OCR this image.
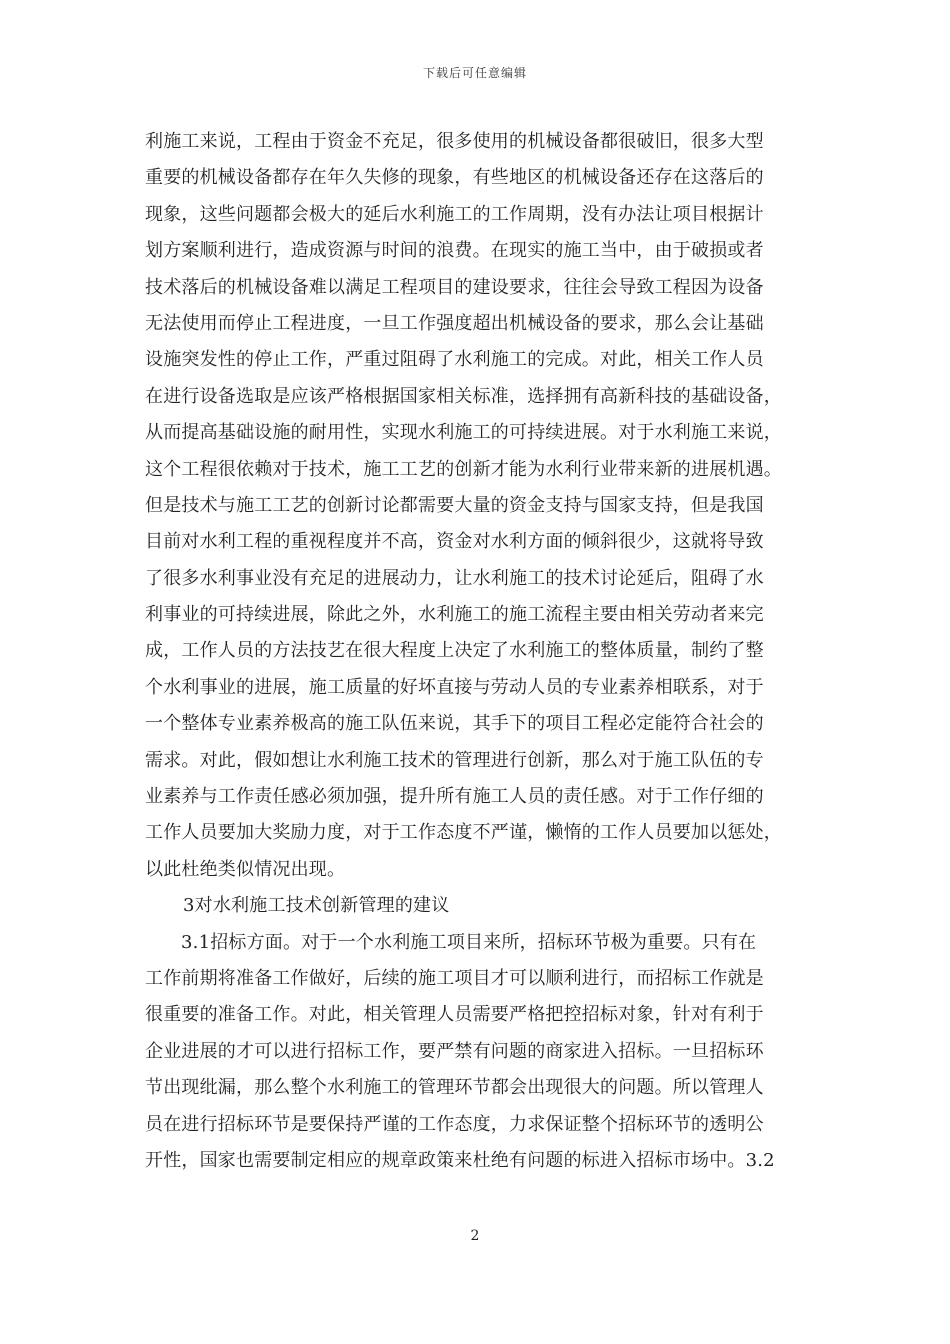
下载后可任意编辑
利施工来说，工程由于资金不充足，很多使用的机械设备都很破旧，很多大型
重要的机械设备都存在年久失修的现象，有些地区的机械设备还存在这落后的
现象，这些问题都会极大的延后水利施工的工作周期，没有办法让项目根据计
划方案顺利进行，造成资源与时间的浪费。在现实的施工当中，由于破损或者
技术落后的机械设备难以满足工程项目的建设要求，往往会导致工程因为设备
无法使用而停止工程进度，一旦工作强度超出机械设备的要求，那么会让基础
设施突发性的停止工作，严重过阻碍了水利施工的完成。对此，相关工作人员
在进行设备选取是应该严格根据国家相关标准，选择拥有高新科技的基础设备，
从而提高基础设施的耐用性，实现水利施工的可持续进展。对于水利施工来说，
这个工程很依赖对于技术，施工工艺的创新才能为水利行业带来新的进展机遇。
但是技术与施工工艺的创新讨论都需要大量的资金支持与国家支持，但是我国
目前对水利工程的重视程度并不高，资金对水利方面的倾斜很少，这就将导致
了很多水利事业没有充足的进展动力，让水利施工的技术讨论延后，阻碍了水
利事业的可持续进展，除此之外，水利施工的施工流程主要由相关劳动者来完
成，工作人员的方法技艺在很大程度上决定了水利施工的整体质量，制约了整
个水利事业的进展，施工质量的好坏直接与劳动人员的专业素养相联系，对于
一个整体专业素养极高的施工队伍来说，其手下的项目工程必定能符合社会的
需求。对此，假如想让水利施工技术的管理进行创新，那么对于施工队伍的专
业素养与工作责任感必须加强，提升所有施工人员的责任感。对于工作仔细的
工作人员要加大奖励力度，对于工作态度不严谨，懒惰的工作人员要加以惩处，
以此杜绝类似情况出现。
3对水利施工技术创新管理的建议
3.1招标方面。对于一个水利施工项目来所，招标环节极为重要。只有在
工作前期将准备工作做好，后续的施工项目才可以顺利进行，而招标工作就是
很重要的准备工作。对此，相关管理人员需要严格把控招标对象，针对有利于
企业进展的才可以进行招标工作，要严禁有问题的商家进入招标。一旦招标环
节出现纰漏，那么整个水利施工的管理环节都会出现很大的问题。所以管理人
员在进行招标环节是要保持严谨的工作态度，力求保证整个招标环节的透明公
开性，国家也需要制定相应的规章政策来杜绝有问题的标进入招标市场中。3.2
2
